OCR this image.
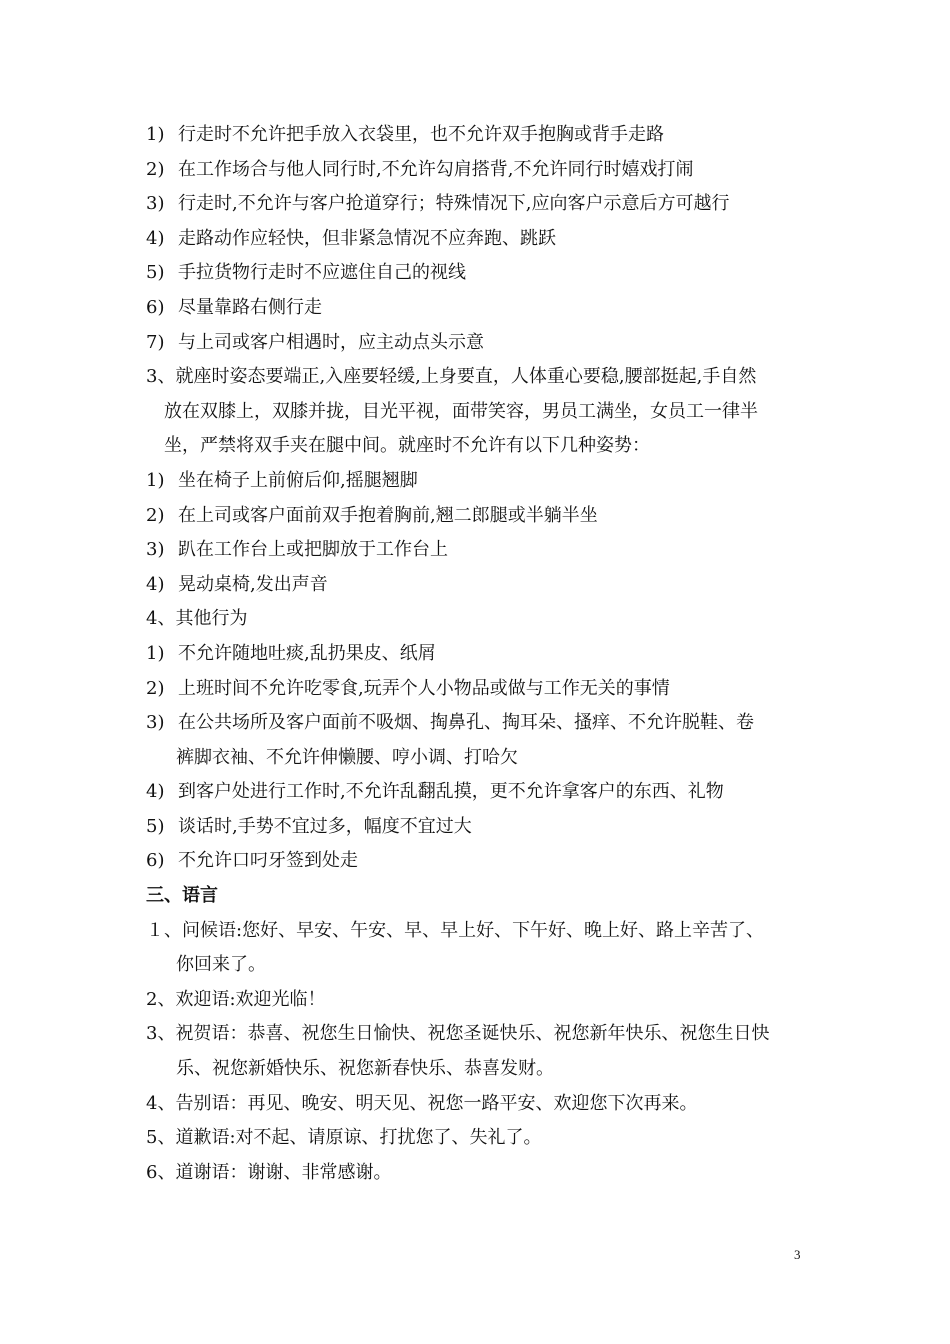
1) 行走时不允许把手放入衣袋里，也不允许双手抱胸或背手走路
2) 在工作场合与他人同行时,不允许勾肩搭背,不允许同行时嬉戏打闹
3) 行走时,不允许与客户抢道穿行；特殊情况下,应向客户示意后方可越行
4) 走路动作应轻快，但非紧急情况不应奔跑、跳跃
5) 手拉货物行走时不应遮住自己的视线
6) 尽量靠路右侧行走
7) 与上司或客户相遇时，应主动点头示意
3、就座时姿态要端正,入座要轻缓,上身要直，人体重心要稳,腰部挺起,手自然
放在双膝上，双膝并拢，目光平视，面带笑容，男员工满坐，女员工一律半
坐，严禁将双手夹在腿中间。就座时不允许有以下几种姿势：
1) 坐在椅子上前俯后仰,摇腿翘脚
2) 在上司或客户面前双手抱着胸前,翘二郎腿或半躺半坐
3) 趴在工作台上或把脚放于工作台上
4) 晃动桌椅,发出声音
4、其他行为
1) 不允许随地吐痰,乱扔果皮、纸屑
2) 上班时间不允许吃零食,玩弄个人小物品或做与工作无关的事情
3) 在公共场所及客户面前不吸烟、掏鼻孔、掏耳朵、搔痒、不允许脱鞋、卷
裤脚衣袖、不允许伸懒腰、哼小调、打哈欠
4) 到客户处进行工作时,不允许乱翻乱摸，更不允许拿客户的东西、礼物
5) 谈话时,手势不宜过多，幅度不宜过大
6) 不允许口叼牙签到处走
三、语言
１、问候语:您好、早安、午安、早、早上好、下午好、晚上好、路上辛苦了、
你回来了。
2、欢迎语:欢迎光临！
3、祝贺语：恭喜、祝您生日愉快、祝您圣诞快乐、祝您新年快乐、祝您生日快
乐、祝您新婚快乐、祝您新春快乐、恭喜发财。
4、告别语：再见、晚安、明天见、祝您一路平安、欢迎您下次再来。
5、道歉语:对不起、请原谅、打扰您了、失礼了。
6、道谢语：谢谢、非常感谢。
3
